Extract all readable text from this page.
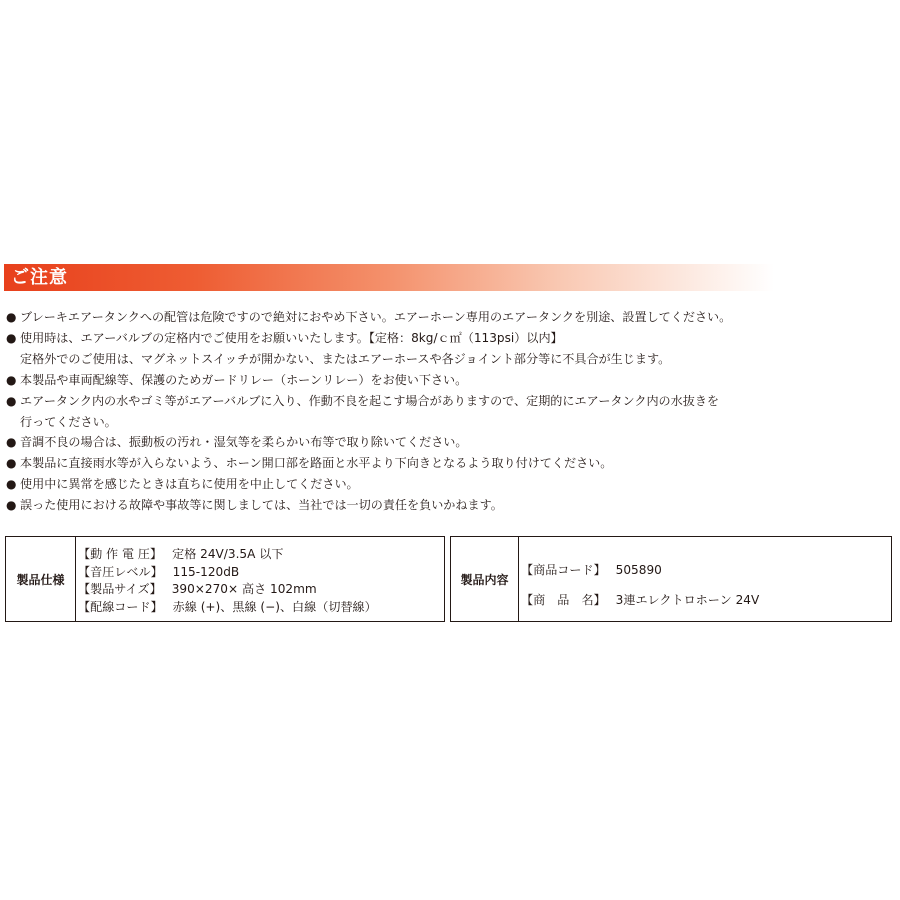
ご注意
● ブレーキエアータンクへの配管は危険ですので絶対におやめ下さい。エアーホーン専用のエアータンクを別途、設置してください。
● 使用時は、エアーバルブの定格内でご使用をお願いいたします。【定格：8kg/ｃ㎡（113psi）以内】
定格外でのご使用は、マグネットスイッチが開かない、またはエアーホースや各ジョイント部分等に不具合が生じます。
● 本製品や車両配線等、保護のためガードリレー（ホーンリレー）をお使い下さい。
● エアータンク内の水やゴミ等がエアーバルブに入り、作動不良を起こす場合がありますので、定期的にエアータンク内の水抜きを
行ってください。
● 音調不良の場合は、振動板の汚れ・湿気等を柔らかい布等で取り除いてください。
● 本製品に直接雨水等が入らないよう、ホーン開口部を路面と水平より下向きとなるよう取り付けてください。
● 使用中に異常を感じたときは直ちに使用を中止してください。
● 誤った使用における故障や事故等に関しましては、当社では一切の責任を負いかねます。
製品仕様
【動 作 電 圧】 定格 24V/3.5A 以下
【音圧レベル】 115-120dB
【製品サイズ】 390×270× 高さ 102mm
【配線コード】 赤線 (+)、黒線 (−)、白線（切替線）
製品内容
【商品コード】 505890
【商　品　名】 3連エレクトロホーン 24V
